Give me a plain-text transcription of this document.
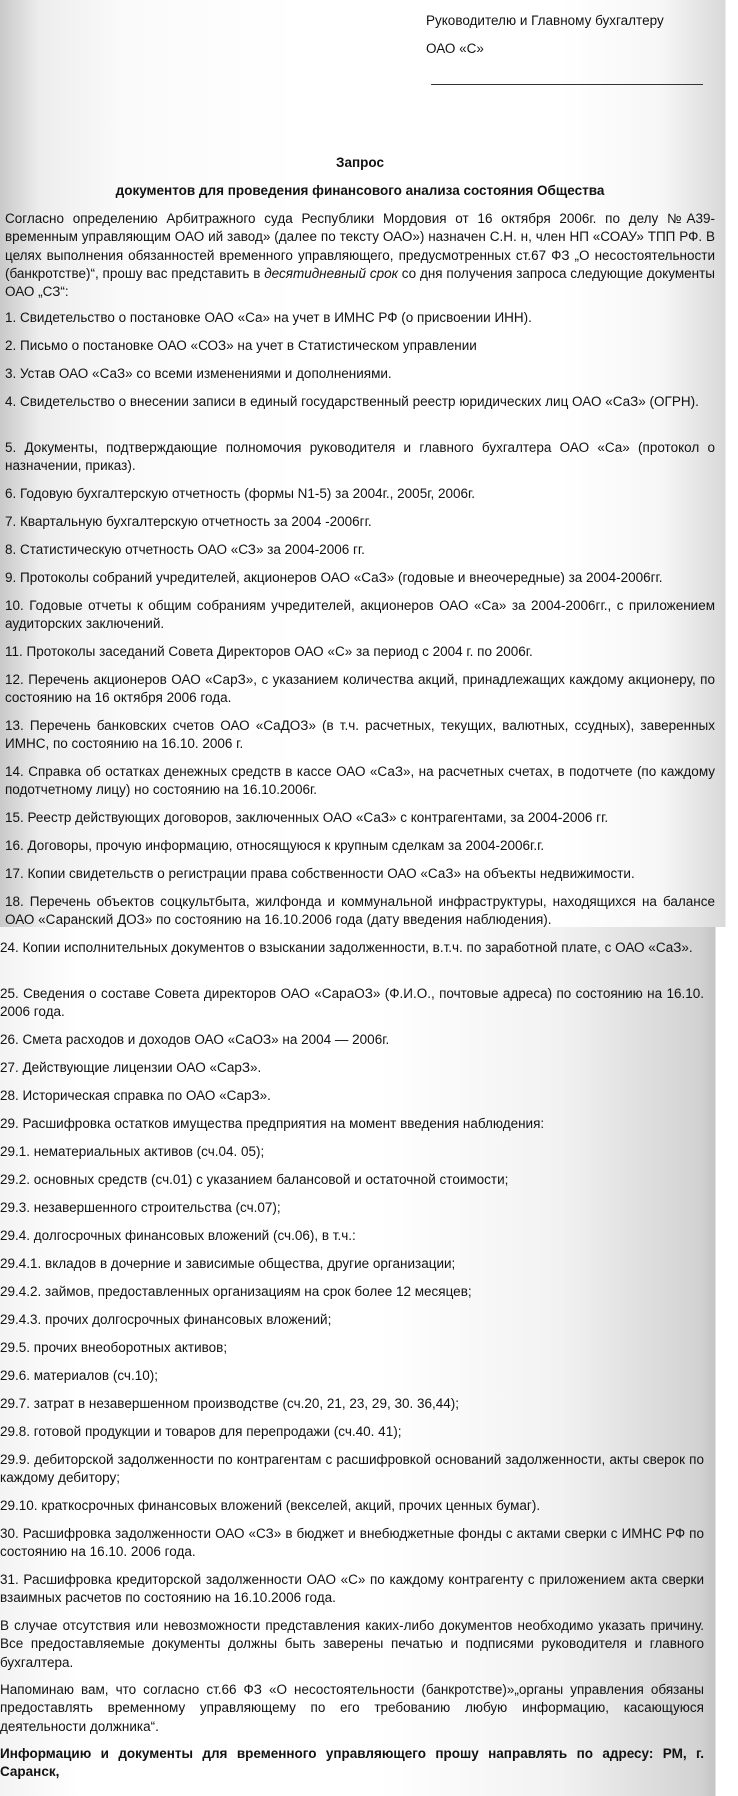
Руководителю и Главному бухгалтеру
ОАО «С»
Запрос
документов для проведения финансового анализа состояния Общества

Согласно определению Арбитражного суда Республики Мордовия от 16 октября 2006г. по делу №А39-временным управляющим ОАО ий завод» (далее по тексту ОАО») назначен С.Н. н, член НП «СОАУ» ТПП РФ. В целях выполнения обязанностей временного управляющего, предусмотренных ст.67 ФЗ „О несостоятельности (банкротстве)“, прошу вас представить в десятидневный срок со дня получения запроса следующие документы ОАО „СЗ“:

1. Свидетельство о постановке ОАО «Са» на учет в ИМНС РФ (о присвоении ИНН).

2. Письмо о постановке ОАО «СОЗ» на учет в Статистическом управлении

3. Устав ОАО «СаЗ» со всеми изменениями и дополнениями.

4. Свидетельство о внесении записи в единый государственный реестр юридических лиц ОАО «СаЗ» (ОГРН).

5. Документы, подтверждающие полномочия руководителя и главного бухгалтера ОАО «Са» (протокол о назначении, приказ).

6. Годовую бухгалтерскую отчетность (формы N1-5) за 2004г., 2005г, 2006г.

7. Квартальную бухгалтерскую отчетность за 2004 -2006гг.

8. Статистическую отчетность ОАО «СЗ» за 2004-2006 гг.

9. Протоколы собраний учредителей, акционеров ОАО «СаЗ» (годовые и внеочередные) за 2004-2006гг.

10. Годовые отчеты к общим собраниям учредителей, акционеров ОАО «Са» за 2004-2006гг., с приложением аудиторских заключений.

11. Протоколы заседаний Совета Директоров ОАО «С» за период с 2004 г. по 2006г.

12. Перечень акционеров ОАО «СарЗ», с указанием количества акций, принадлежащих каждому акционеру, по состоянию на 16 октября 2006 года.

13. Перечень банковских счетов ОАО «СаДОЗ» (в т.ч. расчетных, текущих, валютных, ссудных), заверенных ИМНС, по состоянию на 16.10. 2006 г.

14. Справка об остатках денежных средств в кассе ОАО «СаЗ», на расчетных счетах, в подотчете (по каждому подотчетному лицу) но состоянию на 16.10.2006г.

15. Реестр действующих договоров, заключенных ОАО «СаЗ» с контрагентами, за 2004-2006 гг.

16. Договоры, прочую информацию, относящуюся к крупным сделкам за 2004-2006г.г.

17. Копии свидетельств о регистрации права собственности ОАО «СаЗ» на объекты недвижимости.

18. Перечень объектов соцкультбыта, жилфонда и коммунальной инфраструктуры, находящихся на балансе ОАО «Саранский ДОЗ» по состоянию на 16.10.2006 года (дату введения наблюдения).

24. Копии исполнительных документов о взыскании задолженности, в.т.ч. по заработной плате, с ОАО «СаЗ».

25. Сведения о составе Совета директоров ОАО «СараОЗ» (Ф.И.О., почтовые адреса) по состоянию на 16.10. 2006 года.

26. Смета расходов и доходов ОАО «СаОЗ» на 2004 — 2006г.

27. Действующие лицензии ОАО «СарЗ».

28. Историческая справка по ОАО «СарЗ».

29. Расшифровка остатков имущества предприятия на момент введения наблюдения:

29.1. нематериальных активов (сч.04. 05);

29.2. основных средств (сч.01) с указанием балансовой и остаточной стоимости;

29.3. незавершенного строительства (сч.07);

29.4. долгосрочных финансовых вложений (сч.06), в т.ч.:

29.4.1. вкладов в дочерние и зависимые общества, другие организации;

29.4.2. займов, предоставленных организациям на срок более 12 месяцев;

29.4.3. прочих долгосрочных финансовых вложений;

29.5. прочих внеоборотных активов;

29.6. материалов (сч.10);

29.7. затрат в незавершенном производстве (сч.20, 21, 23, 29, 30. 36,44);

29.8. готовой продукции и товаров для перепродажи (сч.40. 41);

29.9. дебиторской задолженности по контрагентам с расшифровкой оснований задолженности, акты сверок по каждому дебитору;

29.10. краткосрочных финансовых вложений (векселей, акций, прочих ценных бумаг).

30. Расшифровка задолженности ОАО «СЗ» в бюджет и внебюджетные фонды с актами сверки с ИМНС РФ по состоянию на 16.10. 2006 года.

31. Расшифровка кредиторской задолженности ОАО «С» по каждому контрагенту с приложением акта сверки взаимных расчетов по состоянию на 16.10.2006 года.

В случае отсутствия или невозможности представления каких-либо документов необходимо указать причину. Все предоставляемые документы должны быть заверены печатью и подписями руководителя и главного бухгалтера.

Напоминаю вам, что согласно ст.66 ФЗ «О несостоятельности (банкротстве)»„органы управления обязаны предоставлять временному управляющему по его требованию любую информацию, касающуюся деятельности должника“.

Информацию и документы для временного управляющего прошу направлять по адресу: РМ, г. Саранск,
